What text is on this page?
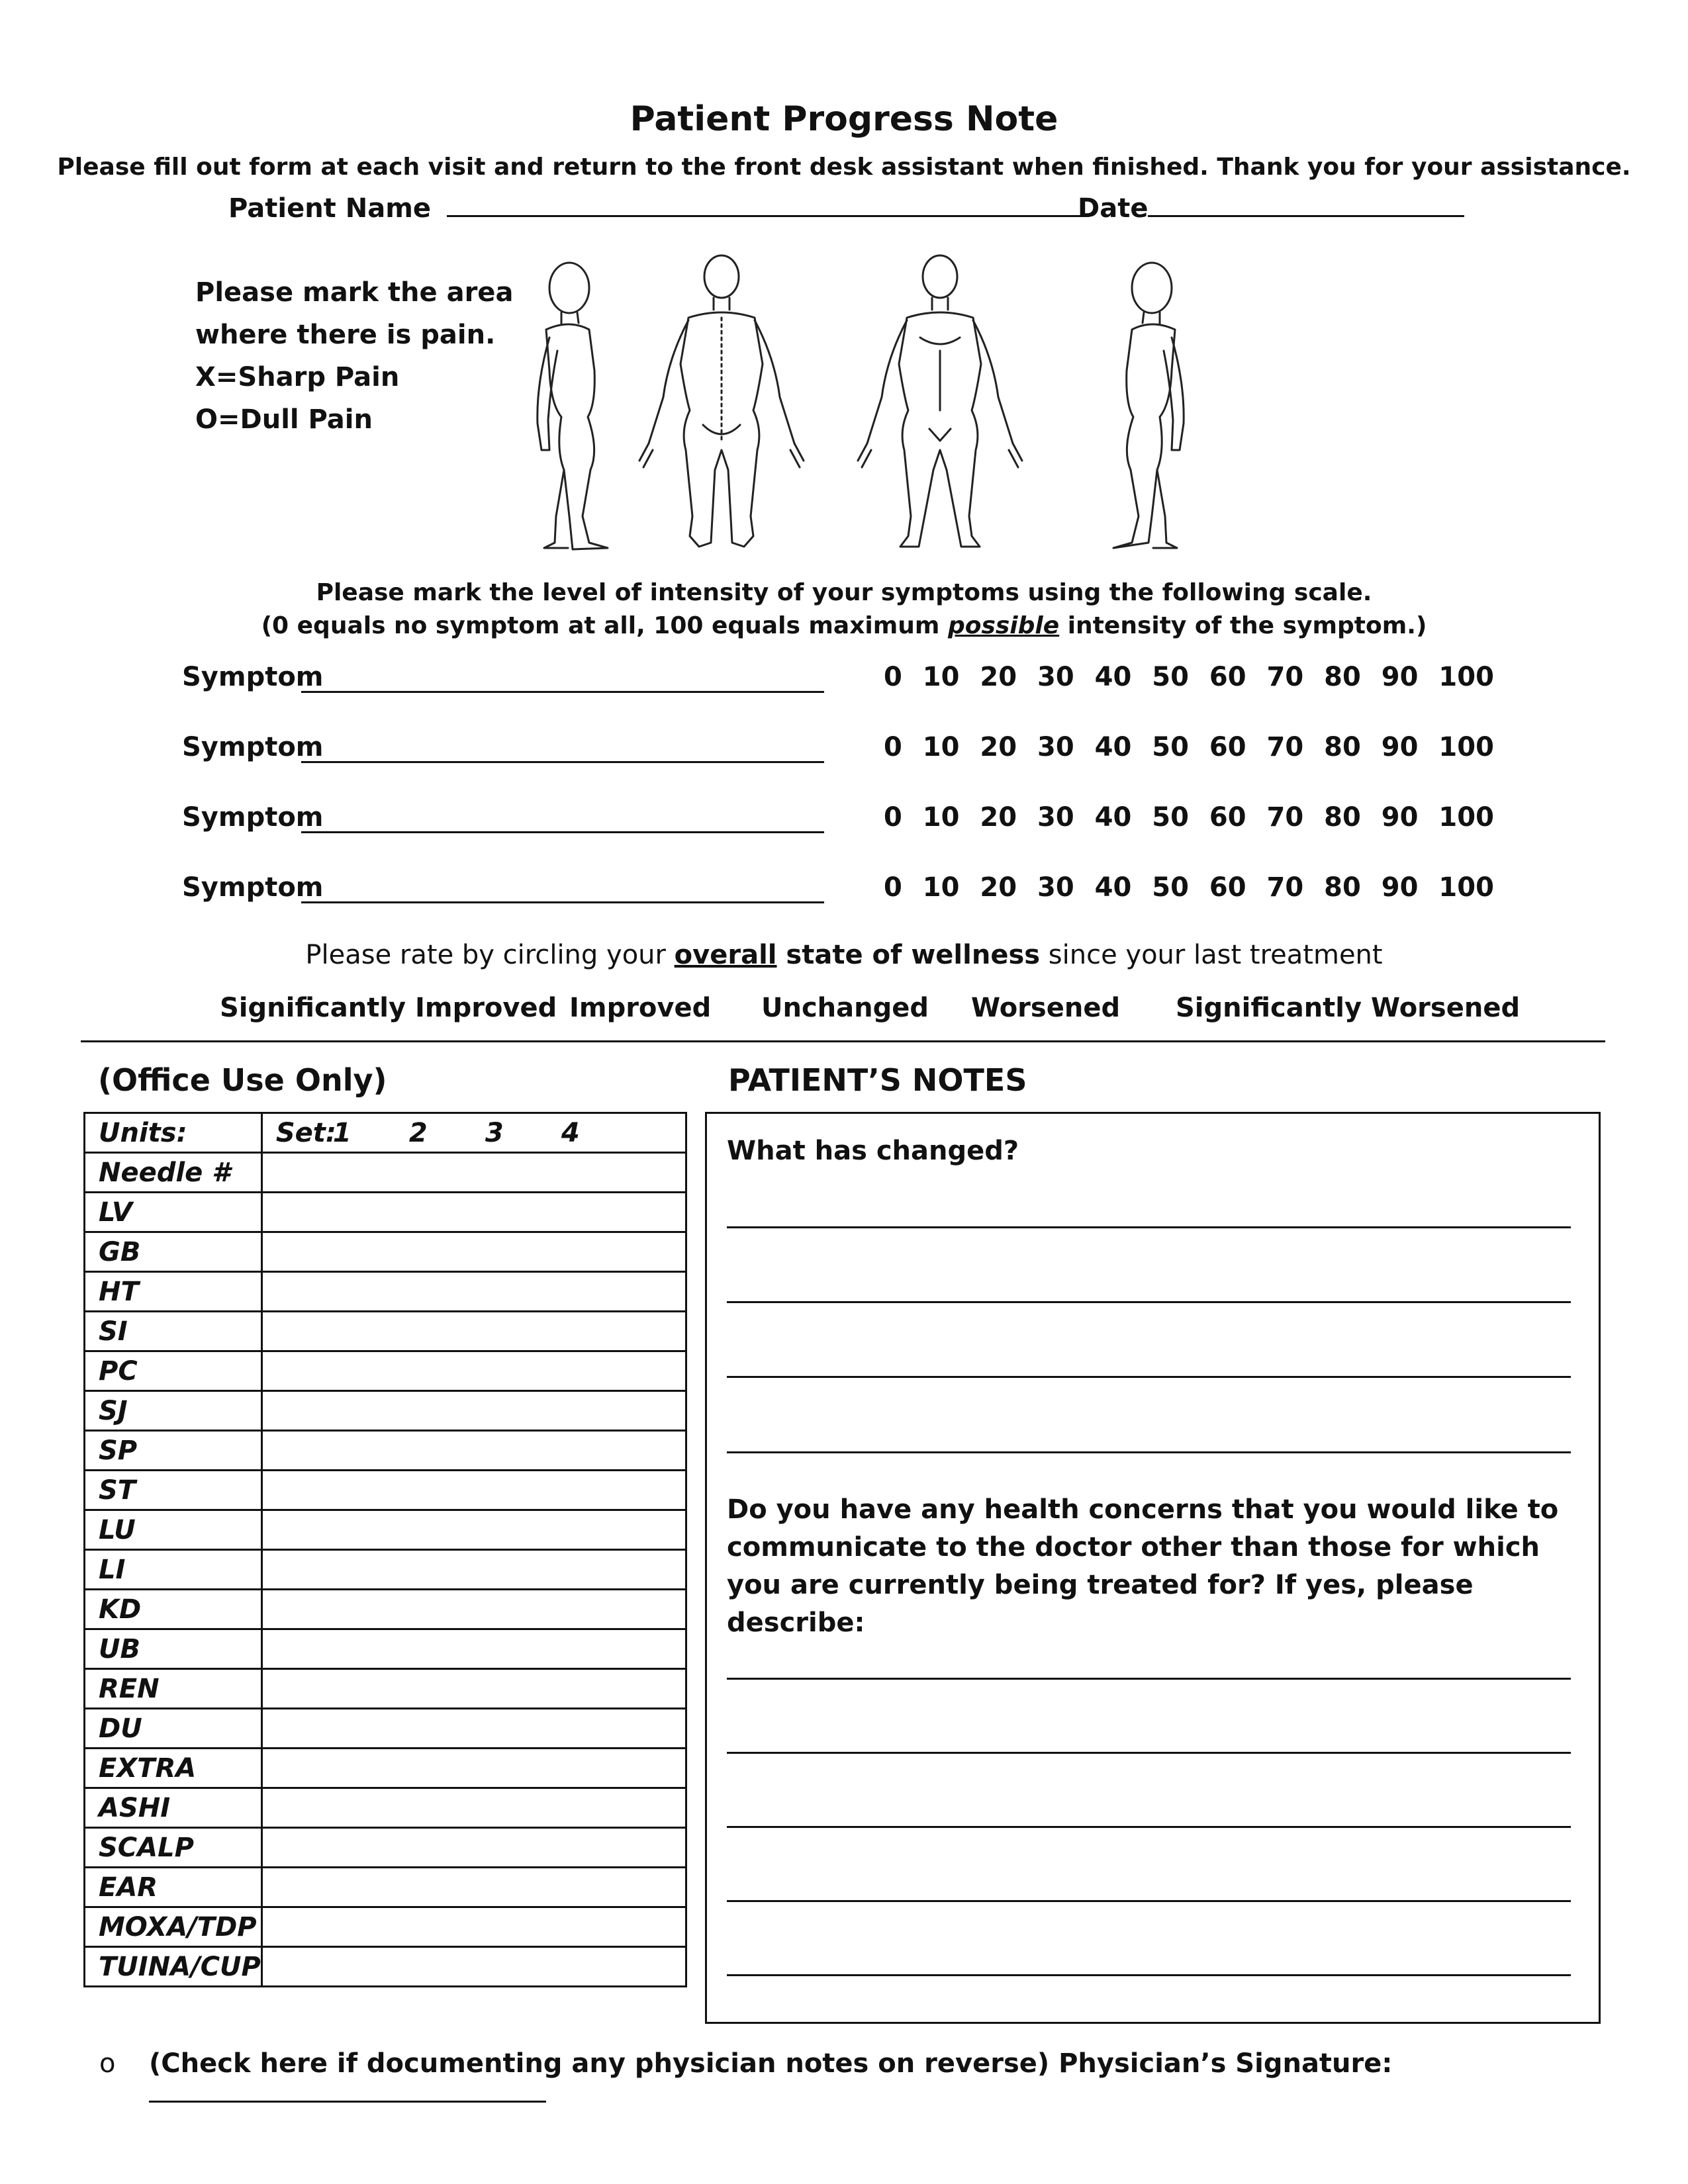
Patient Progress Note
Please fill out form at each visit and return to the front desk assistant when finished. Thank you for your assistance.
Patient Name	Date
Please mark the area
where there is pain.
X=Sharp Pain
O=Dull Pain
Please mark the level of intensity of your symptoms using the following scale.
(0 equals no symptom at all, 100 equals maximum possible intensity of the symptom.)
Symptom	0 10 20 30 40 50 60 70 80 90 100
Symptom	0 10 20 30 40 50 60 70 80 90 100
Symptom	0 10 20 30 40 50 60 70 80 90 100
Symptom	0 10 20 30 40 50 60 70 80 90 100
Please rate by circling your overall state of wellness since your last treatment
Significantly Improved Improved Unchanged Worsened Significantly Worsened
(Office Use Only)	PATIENT’S NOTES
Units:	Set:1 2 3 4
Needle #	
LV	
GB	
HT	
SI	
PC	
SJ	
SP	
ST	
LU	
LI	
KD	
UB	
REN	
DU	
EXTRA	
ASHI	
SCALP	
EAR	
MOXA/TDP	
TUINA/CUP	
What has changed?
Do you have any health concerns that you would like to communicate to the doctor other than those for which you are currently being treated for? If yes, please describe:
o (Check here if documenting any physician notes on reverse) Physician’s Signature:
